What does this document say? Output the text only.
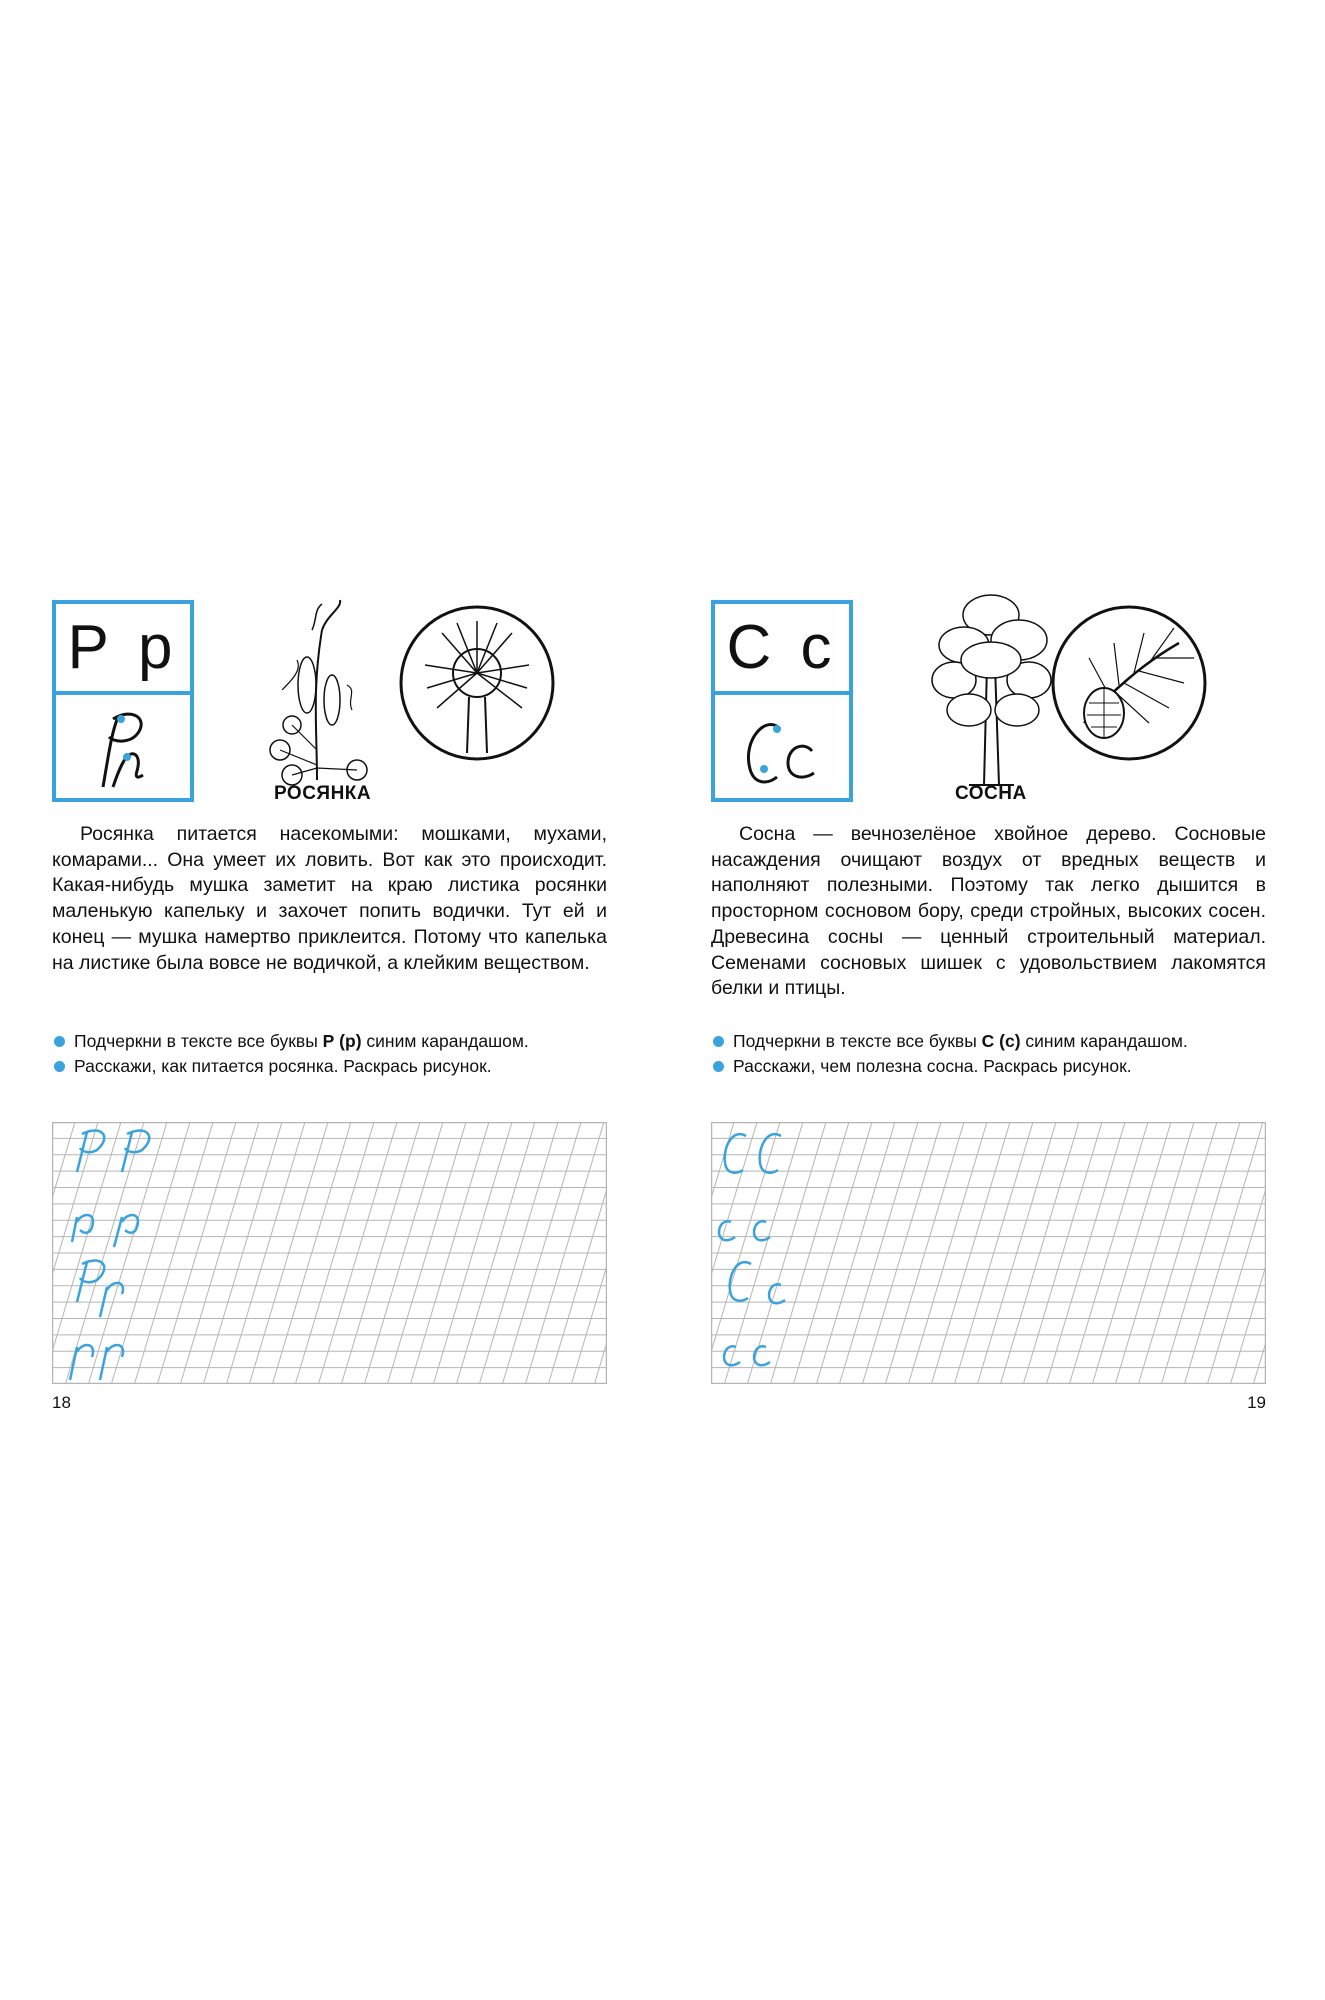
Р р
РОСЯНКА

Росянка питается насекомыми: мошками, мухами, комарами... Она умеет их ловить. Вот как это происходит. Какая-нибудь мушка заметит на краю листика росянки маленькую капельку и захочет попить водички. Тут ей и конец — мушка намертво приклеится. Потому что капелька на листике была вовсе не водичкой, а клейким веществом.

Подчеркни в тексте все буквы Р (р) синим карандашом.
Расскажи, как питается росянка. Раскрась рисунок.
18
С с
СОСНА

Сосна — вечнозелёное хвойное дерево. Сосновые насаждения очищают воздух от вредных веществ и наполняют полезными. Поэтому так легко дышится в просторном сосновом бору, среди стройных, высоких сосен. Древесина сосны — ценный строительный материал. Семенами сосновых шишек с удовольствием лакомятся белки и птицы.

Подчеркни в тексте все буквы С (с) синим карандашом.
Расскажи, чем полезна сосна. Раскрась рисунок.
19
